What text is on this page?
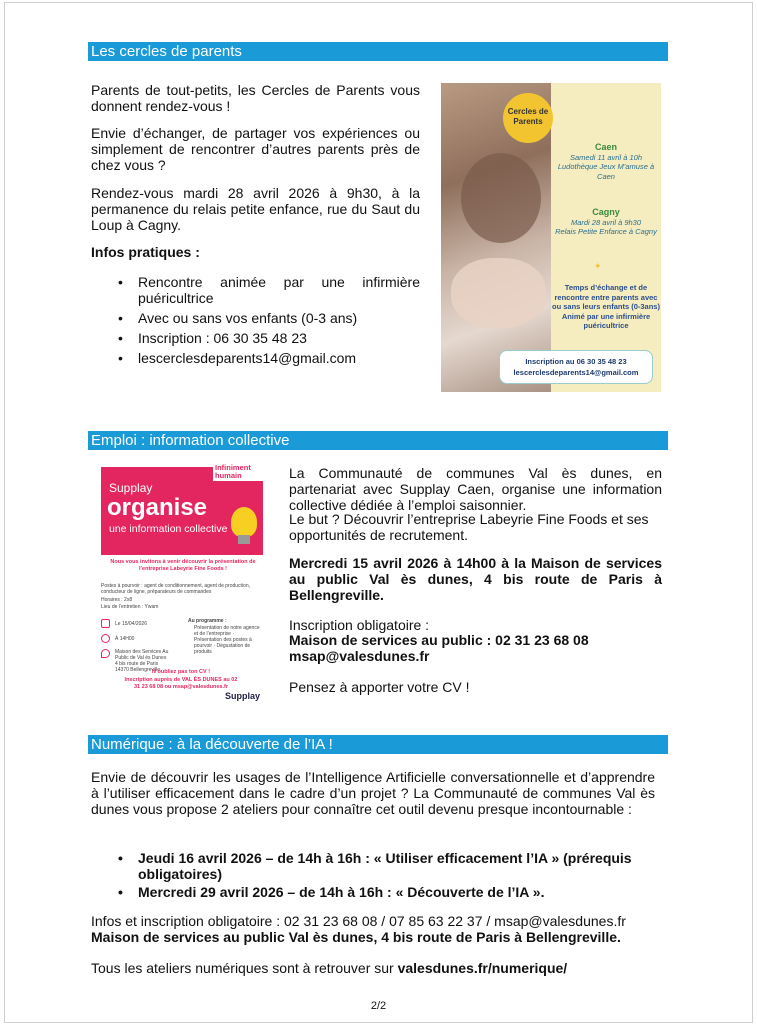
Les cercles de parents

Parents de tout-petits, les Cercles de Parents vous donnent rendez-vous !

Envie d’échanger, de partager vos expériences ou simplement de rencontrer d’autres parents près de chez vous ?

Rendez-vous mardi 28 avril 2026 à 9h30, à la permanence du relais petite enfance, rue du Saut du Loup à Cagny.

Infos pratiques :

• Rencontre animée par une infirmière puéricultrice
• Avec ou sans vos enfants (0-3 ans)
• Inscription : 06 30 35 48 23
• lescerclesdeparents14@gmail.com
Cercles de Parents
Caen
Samedi 11 avril à 10h
Ludothèque Jeux M’amuse à Caen
Cagny
Mardi 28 avril à 9h30
Relais Petite Enfance à Cagny
✦
Temps d’échange et de rencontre entre parents avec ou sans leurs enfants (0-3ans) Animé par une infirmière puéricultrice
Inscription au 06 30 35 48 23
lescerclesdeparents14@gmail.com
Emploi : information collective
Supplay
organise
une information collective
Infiniment humain
Nous vous invitons à venir découvrir la présentation de l’entreprise Labeyrie Fine Foods !
Postes à pourvoir : agent de conditionnement, agent de production, conducteur de ligne, préparateurs de commandes
Horaires : 2x8
Lieu de l’entretien : Ywam
Le 15/04/2026
À 14H00
Maison des Services Au Public de Val ès Dunes 4 bis route de Paris 14370 Bellengreville
Au programme :
Présentation de notre agence et de l’entreprise · Présentation des postes à pourvoir · Dégustation de produits
N’oubliez pas ton CV !
Inscription auprès de VAL ÈS DUNES au 02 31 23 68 08 ou msap@valesdunes.fr
Supplay

La Communauté de communes Val ès dunes, en partenariat avec Supplay Caen, organise une information collective dédiée à l’emploi saisonnier.

Le but ? Découvrir l’entreprise Labeyrie Fine Foods et ses opportunités de recrutement.

Mercredi 15 avril 2026 à 14h00 à la Maison de services au public Val ès dunes, 4 bis route de Paris à Bellengreville.

Inscription obligatoire :

Maison de services au public : 02 31 23 68 08

msap@valesdunes.fr

Pensez à apporter votre CV !

Numérique : à la découverte de l’IA !

Envie de découvrir les usages de l’Intelligence Artificielle conversationnelle et d’apprendre à l’utiliser efficacement dans le cadre d’un projet ? La Communauté de communes Val ès dunes vous propose 2 ateliers pour connaître cet outil devenu presque incontournable :

• Jeudi 16 avril 2026 – de 14h à 16h : « Utiliser efficacement l’IA » (prérequis obligatoires)
• Mercredi 29 avril 2026 – de 14h à 16h : « Découverte de l’IA ».

Infos et inscription obligatoire : 02 31 23 68 08 / 07 85 63 22 37 / msap@valesdunes.fr

Maison de services au public Val ès dunes, 4 bis route de Paris à Bellengreville.

Tous les ateliers numériques sont à retrouver sur valesdunes.fr/numerique/

2/2
